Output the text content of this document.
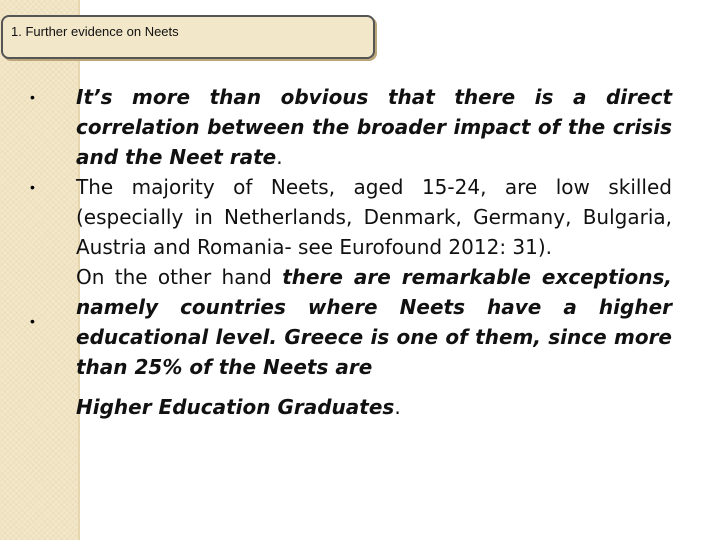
1. Further evidence on Neets
•
•
•
It’s more than obvious that there is a direct correlation between the broader impact of the crisis and the Neet rate.
The majority of Neets, aged 15-24, are low skilled (especially in Netherlands, Denmark, Germany, Bulgaria, Austria and Romania- see Eurofound 2012: 31).
On the other hand there are remarkable exceptions, namely countries where Neets have a higher educational level. Greece is one of them, since more than 25% of the Neets are
Higher Education Graduates.
